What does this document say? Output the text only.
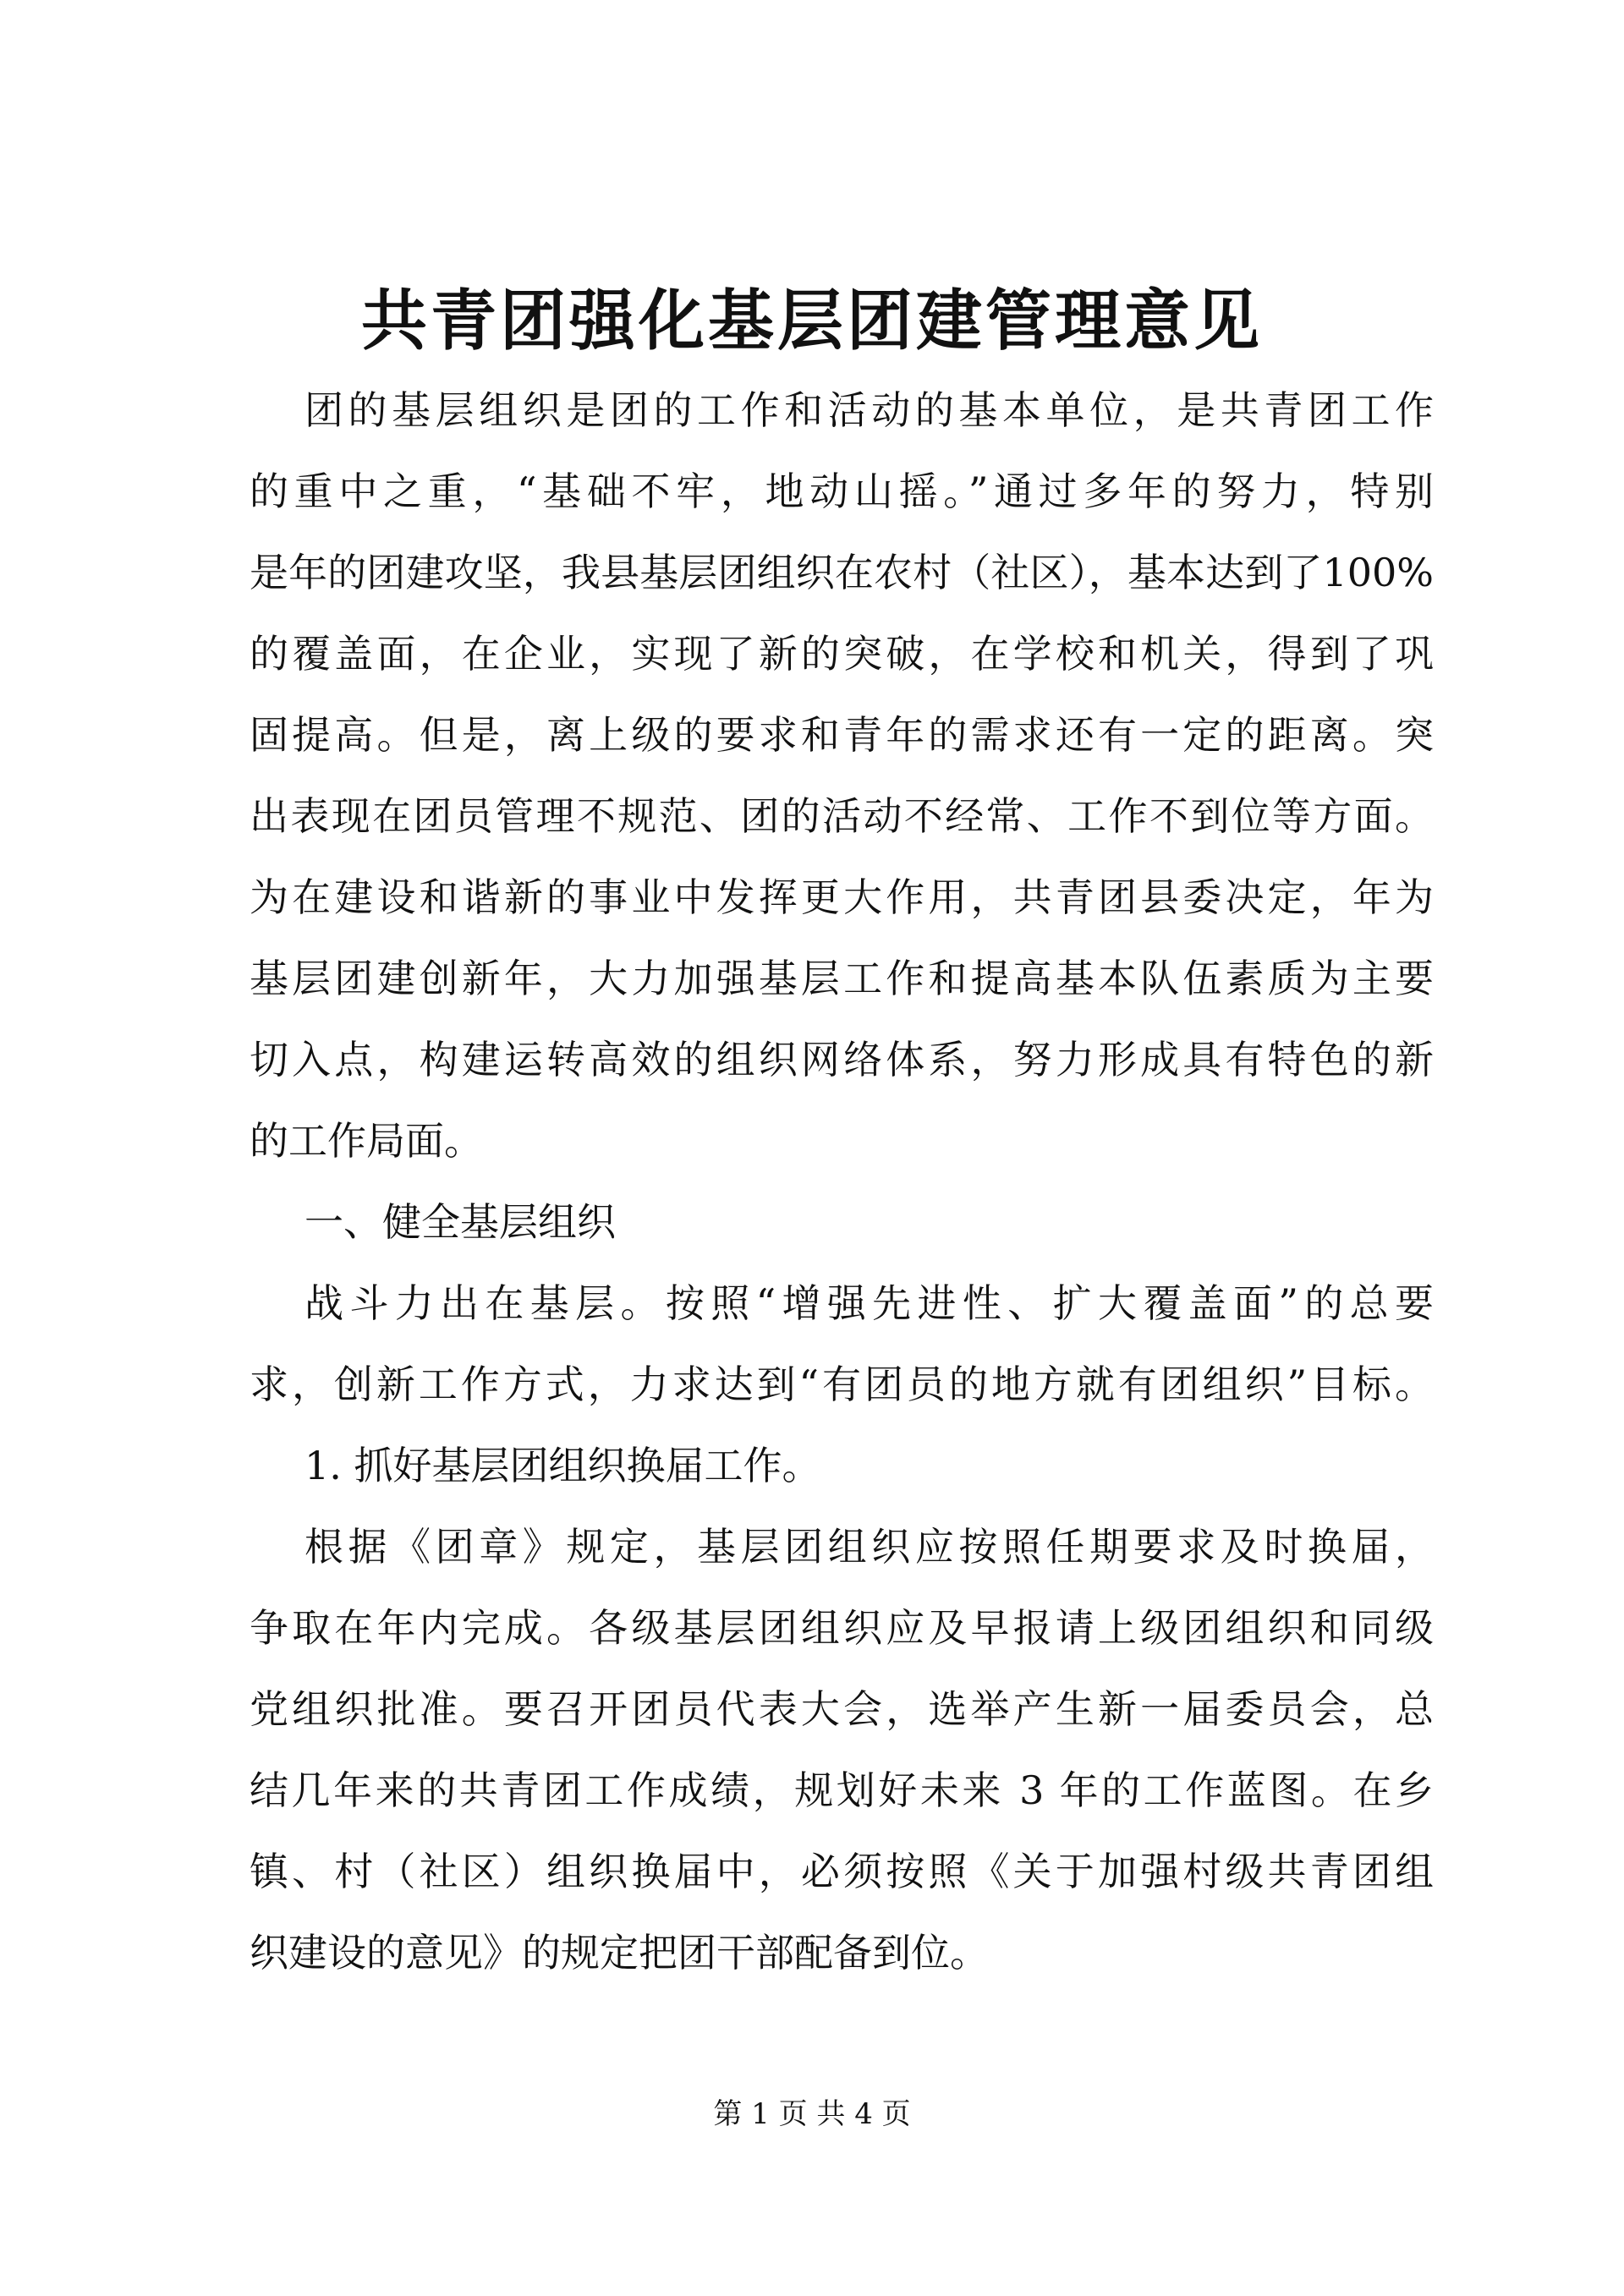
共青团强化基层团建管理意见
团的基层组织是团的工作和活动的基本单位，是共青团工作
的重中之重，“基础不牢，地动山摇。”通过多年的努力，特别
是年的团建攻坚，我县基层团组织在农村（社区），基本达到了100%
的覆盖面，在企业，实现了新的突破，在学校和机关，得到了巩
固提高。但是，离上级的要求和青年的需求还有一定的距离。突
出表现在团员管理不规范、团的活动不经常、工作不到位等方面。
为在建设和谐新的事业中发挥更大作用，共青团县委决定，年为
基层团建创新年，大力加强基层工作和提高基本队伍素质为主要
切入点，构建运转高效的组织网络体系，努力形成具有特色的新
的工作局面。
一、健全基层组织
战斗力出在基层。按照“增强先进性、扩大覆盖面”的总要
求，创新工作方式，力求达到“有团员的地方就有团组织”目标。
1. 抓好基层团组织换届工作。
根据《团章》规定，基层团组织应按照任期要求及时换届，
争取在年内完成。各级基层团组织应及早报请上级团组织和同级
党组织批准。要召开团员代表大会，选举产生新一届委员会，总
结几年来的共青团工作成绩，规划好未来 3 年的工作蓝图。在乡
镇、村（社区）组织换届中，必须按照《关于加强村级共青团组
织建设的意见》的规定把团干部配备到位。
第 1 页 共 4 页
